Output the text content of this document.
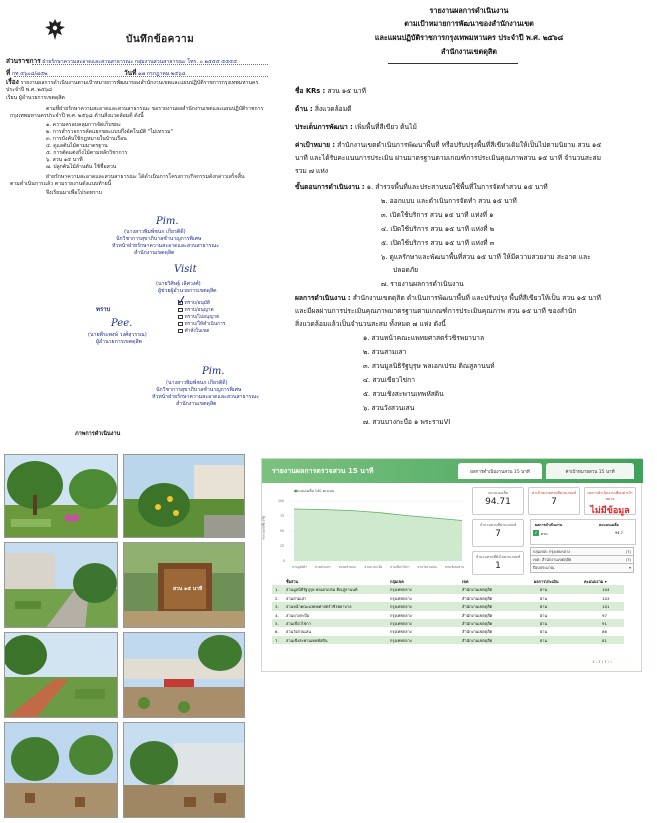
บันทึกข้อความ
ส่วนราชการ ฝ่ายรักษาความสะอาดและสวนสาธารณะ กลุ่มงานสวนสาธารณะ โทร. ๐ ๒๕๕๕ ๕๕๕๕
ที่ กท ๕๖๐๘/๗๕๒	วันที่ ๑๗ กรกฎาคม ๒๕๖๘
เรื่อง รายงานผลการดำเนินงานตามเป้าหมายการพัฒนาของสำนักงานเขตและแผนปฏิบัติราชการกรุงเทพมหานคร ประจำปี พ.ศ. ๒๕๖๘
เรียน ผู้อำนวยการเขตดุสิต
ตามที่ฝ่ายรักษาความสะอาดและสวนสาธารณะ ขอรายงานผลสำนักงานเขตและแผนปฏิบัติราชการ
กรุงเทพมหานครประจำปี พ.ศ. ๒๕๖๘ ด้านสิ่งแวดล้อมดี ดังนี้
๑. ความครอบคลุมการจัดเก็บขยะ
๒. การสำรวจการคัดแยกขยะแบบกึ่งอัตโนมัติ "ไม่เทรวม"
๓. การบังคับใช้กฎหมายในบ้านเรือน
๔. ดูแลต้นไม้ตามมาตรฐาน
๕. การตัดแต่งกิ่งไม้ตามหลักวิชาการ
๖. สวน ๑๕ นาที
๗. ปลูกต้นไม้ล้านต้น ใช้ชื่อสวน
ฝ่ายรักษาความสะอาดและสวนสาธารณะ ได้ดำเนินการโครงการ/กิจกรรมดังกล่าวเสร็จสิ้น
ตามดำเนินการแล้ว ตามรายงานดังแนบท้ายนี้
จึงเรียนมาเพื่อโปรดทราบ
Pim.
(นางสาวพิมพ์ชนก เกียรติดี)
นักวิชาการสุขาภิบาลชำนาญการพิเศษ
หัวหน้าฝ่ายรักษาความสะอาดและสวนสาธารณะ
สำนักงานเขตดุสิต
Visit
(นายวิศิษฐ์ เลิศวงศ์)
ผู้ช่วยผู้อำนวยการเขตดุสิต
ทราบ/อนุมัติ
ทราบ/อนุญาต
ทราบ/ไม่อนุญาต
ทราบ/ให้ดำเนินการ
คำสั่งในเขต
ทราบ
Pee.
(นายพีระพงษ์ วงศ์สุวรรณ)
ผู้อำนวยการเขตดุสิต
Pim.
(นางสาวพิมพ์ชนก เกียรติดี)
นักวิชาการสุขาภิบาลชำนาญการพิเศษ
หัวหน้าฝ่ายรักษาความสะอาดและสวนสาธารณะ
สำนักงานเขตดุสิต
รายงานผลการดำเนินงาน
ตามเป้าหมายการพัฒนาของสำนักงานเขต
และแผนปฏิบัติราชการกรุงเทพมหานคร ประจำปี พ.ศ. ๒๕๖๘
สำนักงานเขตดุสิต
ชื่อ KRs : สวน ๑๕ นาที
ด้าน : สิ่งแวดล้อมดี
ประเด็นการพัฒนา : เพิ่มพื้นที่สีเขียว ต้นไม้
ค่าเป้าหมาย : สำนักงานเขตดำเนินการพัฒนาพื้นที่ หรือปรับปรุงพื้นที่สีเขียวเดิมให้เป็นไปตามนิยาม สวน ๑๕
นาที และได้รับคะแนนการประเมิน ผ่านมาตรฐานตามเกณฑ์การประเมินคุณภาพสวน ๑๕ นาที จำนวนสะสม
รวม ๗ แห่ง
ขั้นตอนการดำเนินงาน : ๑. สำรวจพื้นที่และประสานขอใช้พื้นที่ในการจัดทำสวน ๑๕ นาที
๒. ออกแบบ และดำเนินการจัดทำ สวน ๑๕ นาที
๓. เปิดใช้บริการ สวน ๑๕ นาที แห่งที่ ๑
๔. เปิดใช้บริการ สวน ๑๕ นาที แห่งที่ ๒
๕. เปิดใช้บริการ สวน ๑๕ นาที แห่งที่ ๓
๖. ดูแลรักษาและพัฒนาพื้นที่สวน ๑๕ นาที ให้มีความสวยงาม สะอาด และ
ปลอดภัย
๗. รายงานผลการดำเนินงาน
ผลการดำเนินงาน : สำนักงานเขตดุสิต ดำเนินการพัฒนาพื้นที่ และปรับปรุง พื้นที่สีเขียวให้เป็น สวน ๑๕ นาที
และมีผลผ่านการประเมินคุณภาพมาตรฐานตามเกณฑ์การประเมินคุณภาพ สวน ๑๕ นาที ของสำนัก
สิ่งแวดล้อมแล้วเป็นจำนวนสะสม ทั้งหมด ๗ แห่ง ดังนี้
๑. สวนหน้าคณะแพทยศาสตร์วชิรพยาบาล
๒. สวนสามเสา
๓. สวนมูลนิธิรัฐบุรุษ พลเอกเปรม ติณสูลานนท์
๔. สวนเขียวไข่กา
๕. สวนเชิงสะพานเทพหัสดิน
๖. สวนวังสวนเสน
๗. สวนบางกะบือ ๑ พระรามVI
ภาพการดำเนินงาน
สวน ๑๕ นาที
รายงานผลการตรวจสวน 15 นาที	ผลการดำเนินงานสวน 15 นาที	ค่าเป้าหมายสวน 15 นาที
คะแนนเฉลี่ย 140 คะแนน
คะแนนเฉลี่ย (%)
100
75
50
25
0
สวนมูลนิธิฯ	สวนสามเสา	สวนหน้าคณะ	สวนบางกะบือ	สวนเขียวไข่กา	สวนวังสวนเสน	สวนเชิงสะพาน
คะแนนเฉลี่ย
94.71
ค่าเป้าหมายสวนที่ผ่านเกณฑ์
7
ผลการดำเนินงานเทียบค่าเป้าหมาย
ไม่มีข้อมูล
จำนวนสวนที่ผ่านเกณฑ์
7
จำนวนสวนที่ยังไม่ผ่านเกณฑ์
1
ผลการดำเนินงาน	คะแนนเฉลี่ย
✓ ผ่าน	94.7
กลุ่มเขต: กรุงเทพกลาง	(7)
เขต: สำนักงานเขตดุสิต	(7)
ปีงบประมาณ	▾
ชื่อสวน	กลุ่มเขต	เขต	ผลการประเมิน	คะแนนรวม ▾
1. สวนมูลนิธิรัฐบุรุษ พลเอกเปรม ติณสูลานนท์	กรุงเทพกลาง	สำนักงานเขตดุสิต	ผ่าน	104
2. สวนสามเสา	กรุงเทพกลาง	สำนักงานเขตดุสิต	ผ่าน	103
3. สวนหน้าคณะแพทยศาสตร์วชิรพยาบาล	กรุงเทพกลาง	สำนักงานเขตดุสิต	ผ่าน	101
4. สวนบางกะบือ	กรุงเทพกลาง	สำนักงานเขตดุสิต	ผ่าน	97
5. สวนเขียวไข่กา	กรุงเทพกลาง	สำนักงานเขตดุสิต	ผ่าน	91
6. สวนวังสวนเสน	กรุงเทพกลาง	สำนักงานเขตดุสิต	ผ่าน	86
7. สวนเชิงสะพานเทพหัสดิน	กรุงเทพกลาง	สำนักงานเขตดุสิต	ผ่าน	81
1 - 7 / 7 ‹ ›
